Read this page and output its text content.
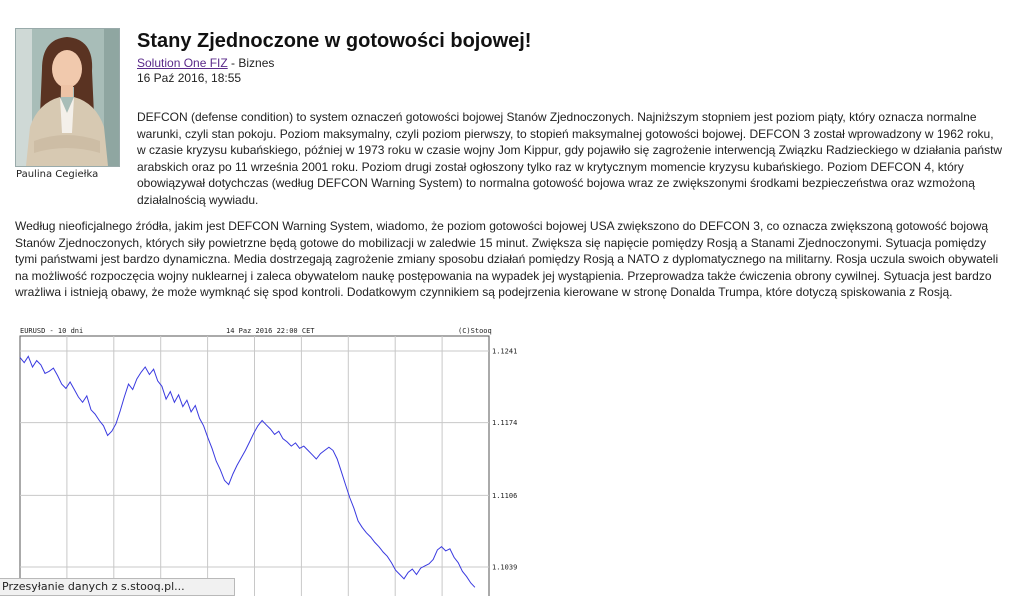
Paulina Cegiełka
Stany Zjednoczone w gotowości bojowej!
Solution One FIZ - Biznes
16 Paź 2016, 18:55

DEFCON (defense condition) to system oznaczeń gotowości bojowej Stanów Zjednoczonych. Najniższym stopniem jest poziom piąty, który oznacza normalne warunki, czyli stan pokoju. Poziom maksymalny, czyli poziom pierwszy, to stopień maksymalnej gotowości bojowej. DEFCON 3 został wprowadzony w 1962 roku, w czasie kryzysu kubańskiego, później w 1973 roku w czasie wojny Jom Kippur, gdy pojawiło się zagrożenie interwencją Związku Radzieckiego w działania państw arabskich oraz po 11 września 2001 roku. Poziom drugi został ogłoszony tylko raz w krytycznym momencie kryzysu kubańskiego. Poziom DEFCON 4, który obowiązywał dotychczas (według DEFCON Warning System) to normalna gotowość bojowa wraz ze zwiększonymi środkami bezpieczeństwa oraz wzmożoną działalnością wywiadu.

Według nieoficjalnego źródła, jakim jest DEFCON Warning System, wiadomo, że poziom gotowości bojowej USA zwiększono do DEFCON 3, co oznacza zwiększoną gotowość bojową Stanów Zjednoczonych, których siły powietrzne będą gotowe do mobilizacji w zaledwie 15 minut. Zwiększa się napięcie pomiędzy Rosją a Stanami Zjednoczonymi. Sytuacja pomiędzy tymi państwami jest bardzo dynamiczna. Media dostrzegają zagrożenie zmiany sposobu działań pomiędzy Rosją a NATO z dyplomatycznego na militarny. Rosja uczula swoich obywateli na możliwość rozpoczęcia wojny nuklearnej i zaleca obywatelom naukę postępowania na wypadek jej wystąpienia. Przeprowadza także ćwiczenia obrony cywilnej. Sytuacja jest bardzo wrażliwa i istnieją obawy, że może wymknąć się spod kontroli. Dodatkowym czynnikiem są podejrzenia kierowane w stronę Donalda Trumpa, które dotyczą spiskowania z Rosją.

EURUSD - 10 dni	14 Paz 2016 22:00 CET	(C)Stooq
1.1241
1.1174
1.1106
1.1039
Przesyłanie danych z s.stooq.pl...
